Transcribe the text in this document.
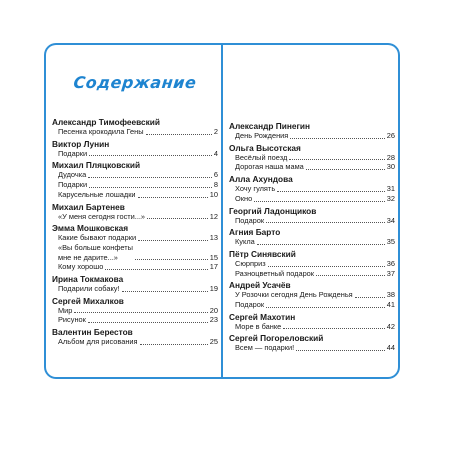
Содержание
Александр Тимофеевский
Песенка крокодила Гены	2
Виктор Лунин
Подарки	4
Михаил Пляцковский
Дудочка	6
Подарки	8
Карусельные лошадки	10
Михаил Бартенев
«У меня сегодня гости...»	12
Эмма Мошковская
Какие бывают подарки	13
«Вы больше конфеты
мне не дарите...»	15
Кому хорошо	17
Ирина Токмакова
Подарили собаку!	19
Сергей Михалков
Мир	20
Рисунок	23
Валентин Берестов
Альбом для рисования	25
Александр Пинегин
День Рождения	26
Ольга Высотская
Весёлый поезд	28
Дорогая наша мама	30
Алла Ахундова
Хочу гулять	31
Окно	32
Георгий Ладонщиков
Подарок	34
Агния Барто
Кукла	35
Пётр Синявский
Сюрприз	36
Разноцветный подарок	37
Андрей Усачёв
У Розочки сегодня День Рожденья	38
Подарок	41
Сергей Махотин
Море в банке	42
Сергей Погореловский
Всем — подарки!	44
